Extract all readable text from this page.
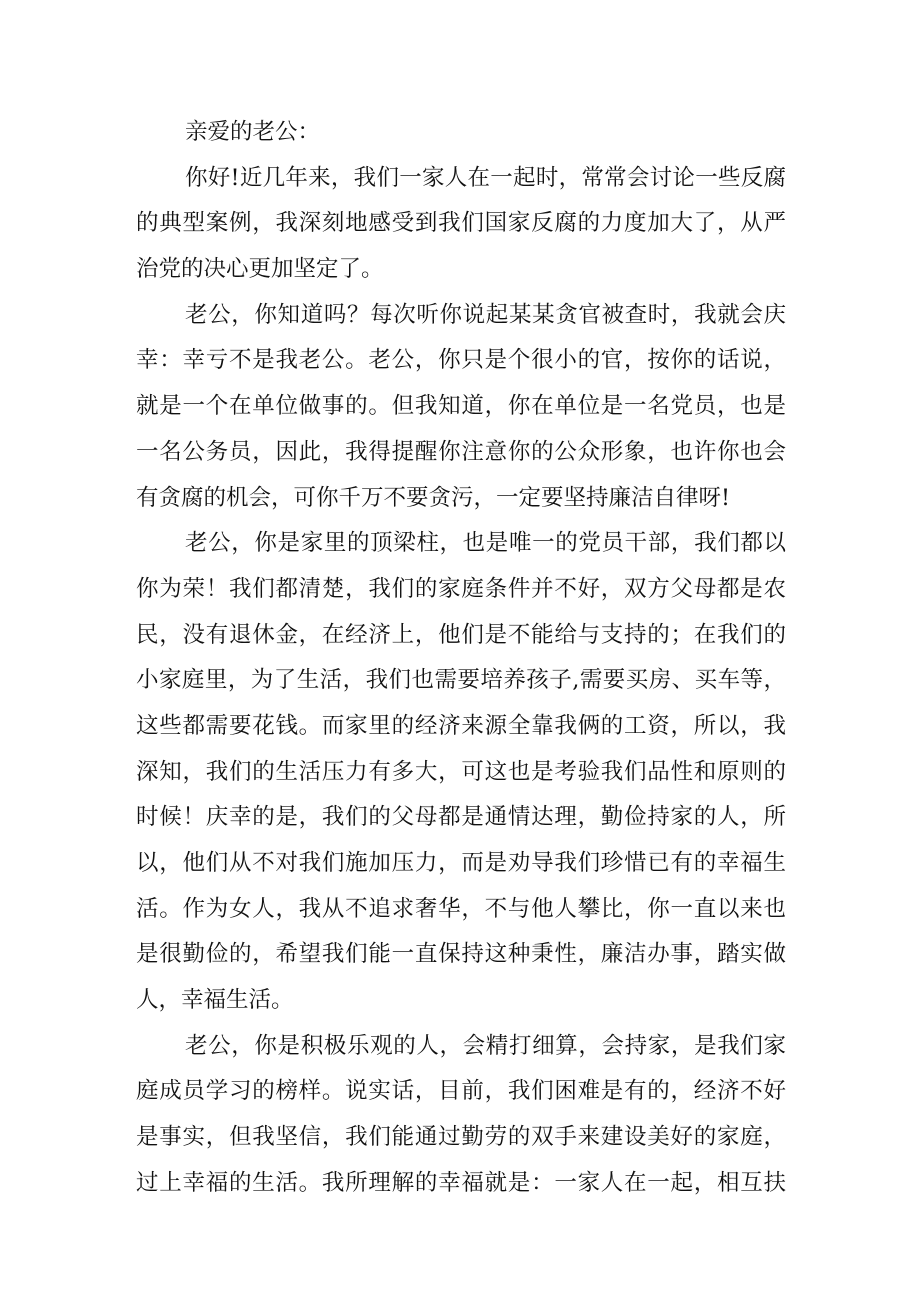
亲爱的老公：
你好!近几年来，我们一家人在一起时，常常会讨论一些反腐
的典型案例，我深刻地感受到我们国家反腐的力度加大了，从严
治党的决心更加坚定了。
老公，你知道吗？每次听你说起某某贪官被查时，我就会庆
幸：幸亏不是我老公。老公，你只是个很小的官，按你的话说，
就是一个在单位做事的。但我知道，你在单位是一名党员，也是
一名公务员，因此，我得提醒你注意你的公众形象，也许你也会
有贪腐的机会，可你千万不要贪污，一定要坚持廉洁自律呀!
老公，你是家里的顶梁柱，也是唯一的党员干部，我们都以
你为荣！我们都清楚，我们的家庭条件并不好，双方父母都是农
民，没有退休金，在经济上，他们是不能给与支持的；在我们的
小家庭里，为了生活，我们也需要培养孩子,需要买房、买车等，
这些都需要花钱。而家里的经济来源全靠我俩的工资，所以，我
深知，我们的生活压力有多大，可这也是考验我们品性和原则的
时候！庆幸的是，我们的父母都是通情达理，勤俭持家的人，所
以，他们从不对我们施加压力，而是劝导我们珍惜已有的幸福生
活。作为女人，我从不追求奢华，不与他人攀比，你一直以来也
是很勤俭的，希望我们能一直保持这种秉性，廉洁办事，踏实做
人，幸福生活。
老公，你是积极乐观的人，会精打细算，会持家，是我们家
庭成员学习的榜样。说实话，目前，我们困难是有的，经济不好
是事实，但我坚信，我们能通过勤劳的双手来建设美好的家庭，
过上幸福的生活。我所理解的幸福就是：一家人在一起，相互扶
